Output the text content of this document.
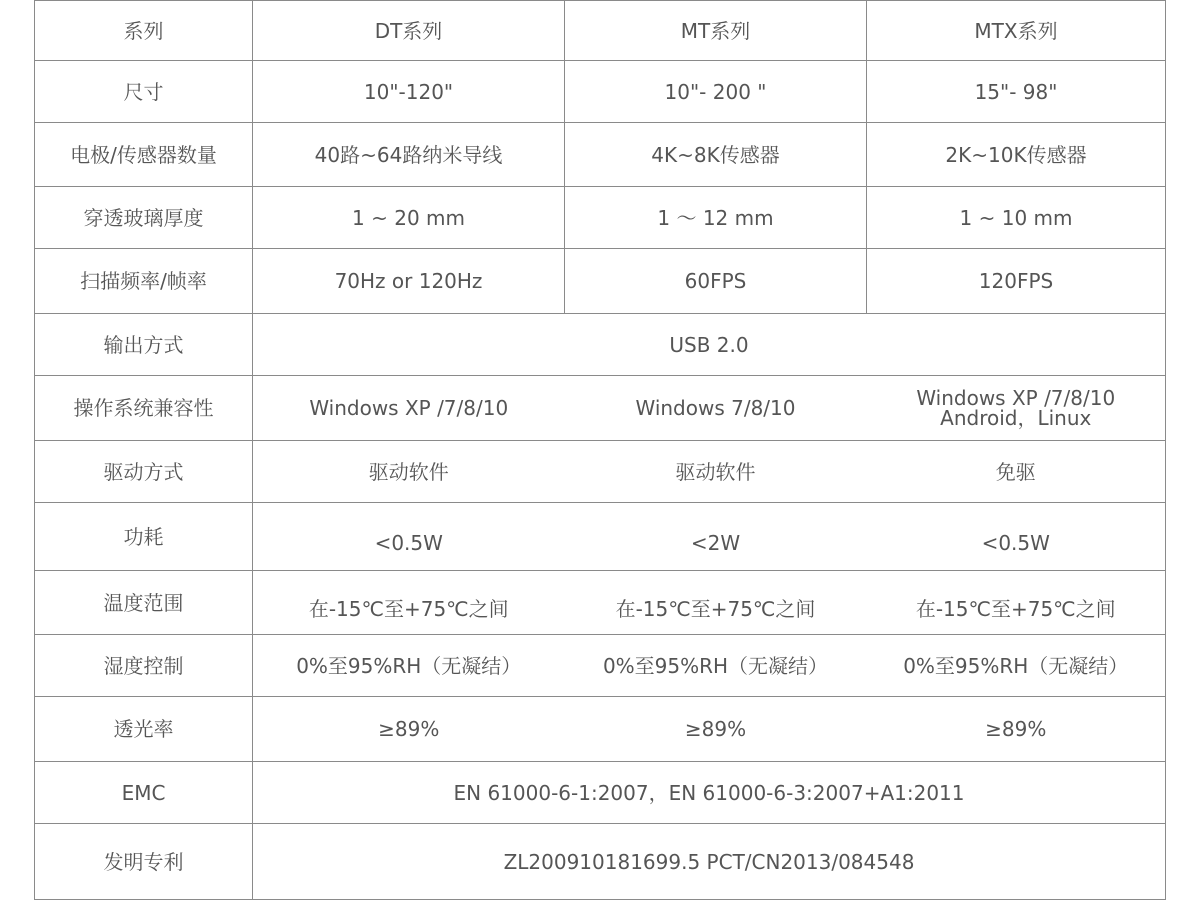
系列	DT系列	MT系列	MTX系列
尺寸	10"-120"	10"- 200 "	15"- 98"
电极/传感器数量	40路~64路纳米导线	4K~8K传感器	2K~10K传感器
穿透玻璃厚度	1 ~ 20 mm	1 ～ 12 mm	1 ~ 10 mm
扫描频率/帧率	70Hz or 120Hz	60FPS	120FPS
输出方式	USB 2.0		
操作系统兼容性	Windows XP /7/8/10	Windows 7/8/10	Windows XP /7/8/10
Android，Linux

驱动方式	驱动软件	驱动软件	免驱
功耗	<0.5W	<2W	<0.5W
温度范围	在-15℃至+75℃之间	在-15℃至+75℃之间	在-15℃至+75℃之间
湿度控制	0%至95%RH（无凝结）	0%至95%RH（无凝结）	0%至95%RH（无凝结）
透光率	≥89%	≥89%	≥89%
EMC	EN 61000-6-1:2007，EN 61000-6-3:2007+A1:2011		
发明专利	ZL200910181699.5 PCT/CN2013/084548		
